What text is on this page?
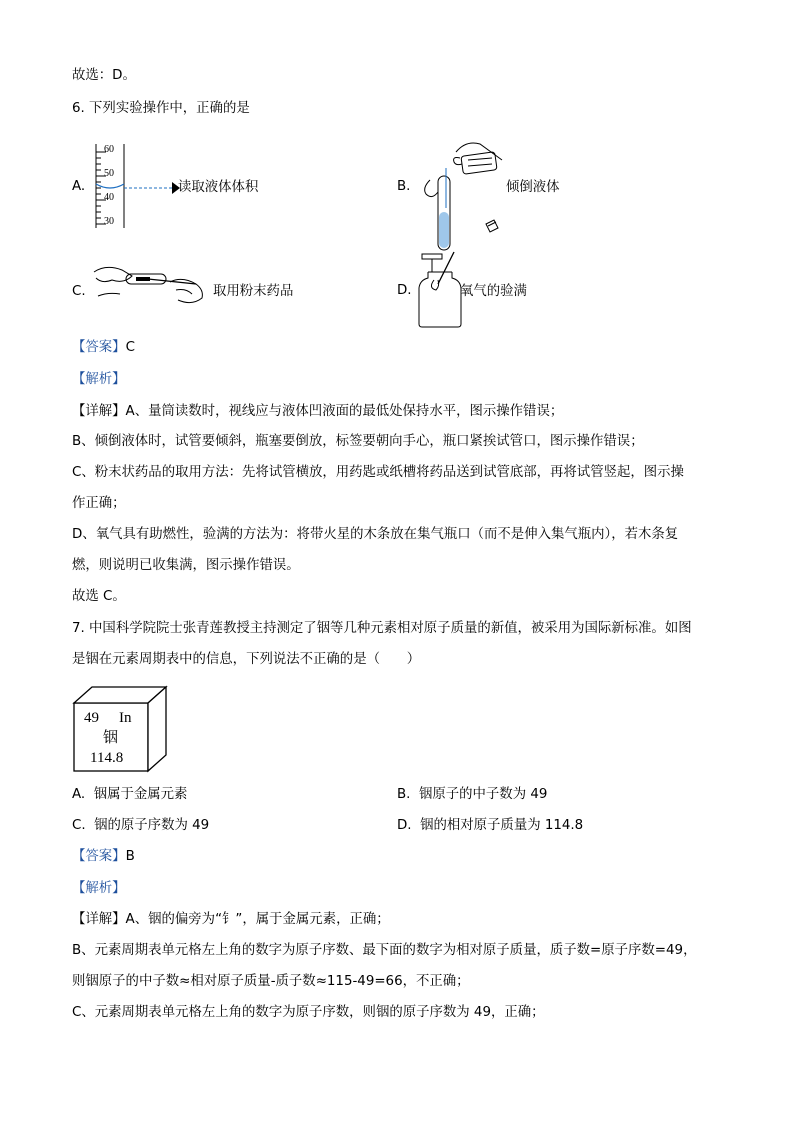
故选：D。
6. 下列实验操作中，正确的是
A.
60
50
40
30
读取液体体积	B.	倾倒液体
C.	取用粉末药品	D.	氧气的验满
【答案】C
【解析】
【详解】A、量筒读数时，视线应与液体凹液面的最低处保持水平，图示操作错误；
B、倾倒液体时，试管要倾斜，瓶塞要倒放，标签要朝向手心，瓶口紧挨试管口，图示操作错误；
C、粉末状药品的取用方法：先将试管横放，用药匙或纸槽将药品送到试管底部，再将试管竖起，图示操
作正确；
D、氧气具有助燃性，验满的方法为：将带火星的木条放在集气瓶口（而不是伸入集气瓶内），若木条复
燃，则说明已收集满，图示操作错误。
故选 C。
7. 中国科学院院士张青莲教授主持测定了铟等几种元素相对原子质量的新值，被采用为国际新标准。如图
是铟在元素周期表中的信息，下列说法不正确的是（　　）
49 In
铟
114.8
A. 铟属于金属元素	B. 铟原子的中子数为 49
C. 铟的原子序数为 49	D. 铟的相对原子质量为 114.8
【答案】B
【解析】
【详解】A、铟的偏旁为“钅”，属于金属元素，正确；
B、元素周期表单元格左上角的数字为原子序数、最下面的数字为相对原子质量，质子数=原子序数=49，
则铟原子的中子数≈相对原子质量-质子数≈115-49=66，不正确；
C、元素周期表单元格左上角的数字为原子序数，则铟的原子序数为 49，正确；
